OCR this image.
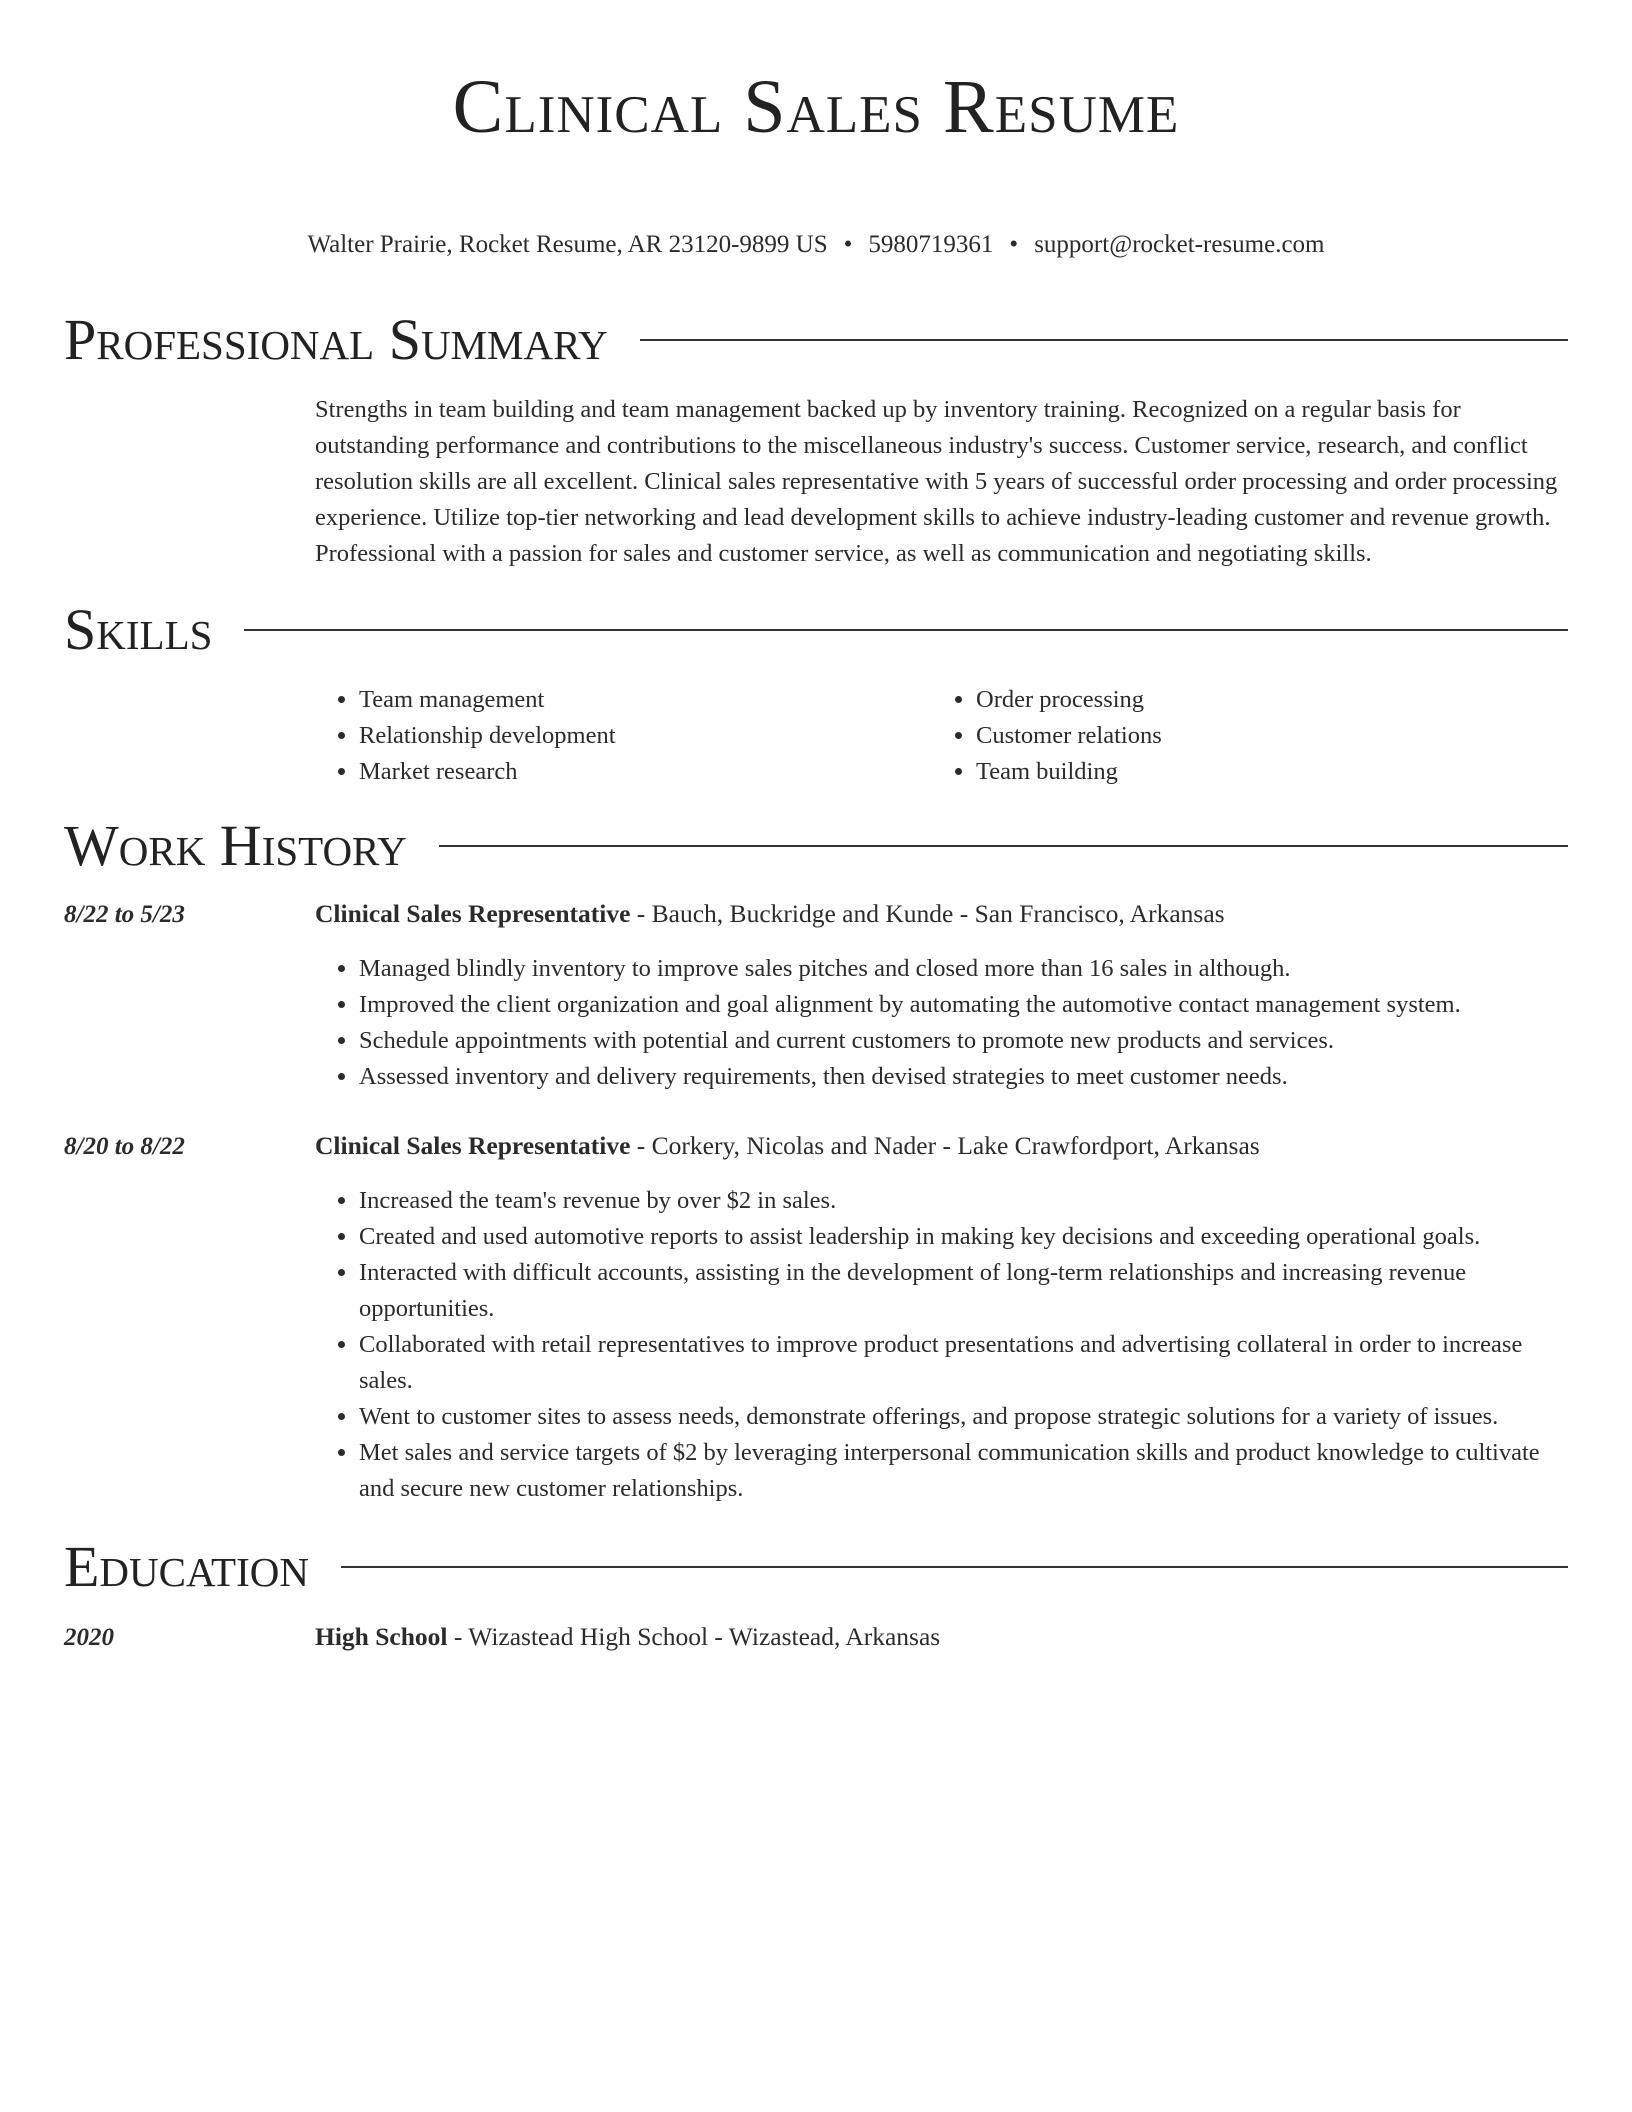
Clinical Sales Resume
Walter Prairie, Rocket Resume, AR 23120-9899 US • 5980719361 • support@rocket-resume.com
Professional Summary
Strengths in team building and team management backed up by inventory training. Recognized on a regular basis for outstanding performance and contributions to the miscellaneous industry's success. Customer service, research, and conflict resolution skills are all excellent. Clinical sales representative with 5 years of successful order processing and order processing experience. Utilize top-tier networking and lead development skills to achieve industry-leading customer and revenue growth. Professional with a passion for sales and customer service, as well as communication and negotiating skills.
Skills
• Team management
• Relationship development
• Market research
• Order processing
• Customer relations
• Team building
Work History
8/22 to 5/23	Clinical Sales Representative - Bauch, Buckridge and Kunde - San Francisco, Arkansas
• Managed blindly inventory to improve sales pitches and closed more than 16 sales in although.
• Improved the client organization and goal alignment by automating the automotive contact management system.
• Schedule appointments with potential and current customers to promote new products and services.
• Assessed inventory and delivery requirements, then devised strategies to meet customer needs.
8/20 to 8/22	Clinical Sales Representative - Corkery, Nicolas and Nader - Lake Crawfordport, Arkansas
• Increased the team's revenue by over $2 in sales.
• Created and used automotive reports to assist leadership in making key decisions and exceeding operational goals.
• Interacted with difficult accounts, assisting in the development of long-term relationships and increasing revenue opportunities.
• Collaborated with retail representatives to improve product presentations and advertising collateral in order to increase sales.
• Went to customer sites to assess needs, demonstrate offerings, and propose strategic solutions for a variety of issues.
• Met sales and service targets of $2 by leveraging interpersonal communication skills and product knowledge to cultivate and secure new customer relationships.
Education
2020	High School - Wizastead High School - Wizastead, Arkansas
